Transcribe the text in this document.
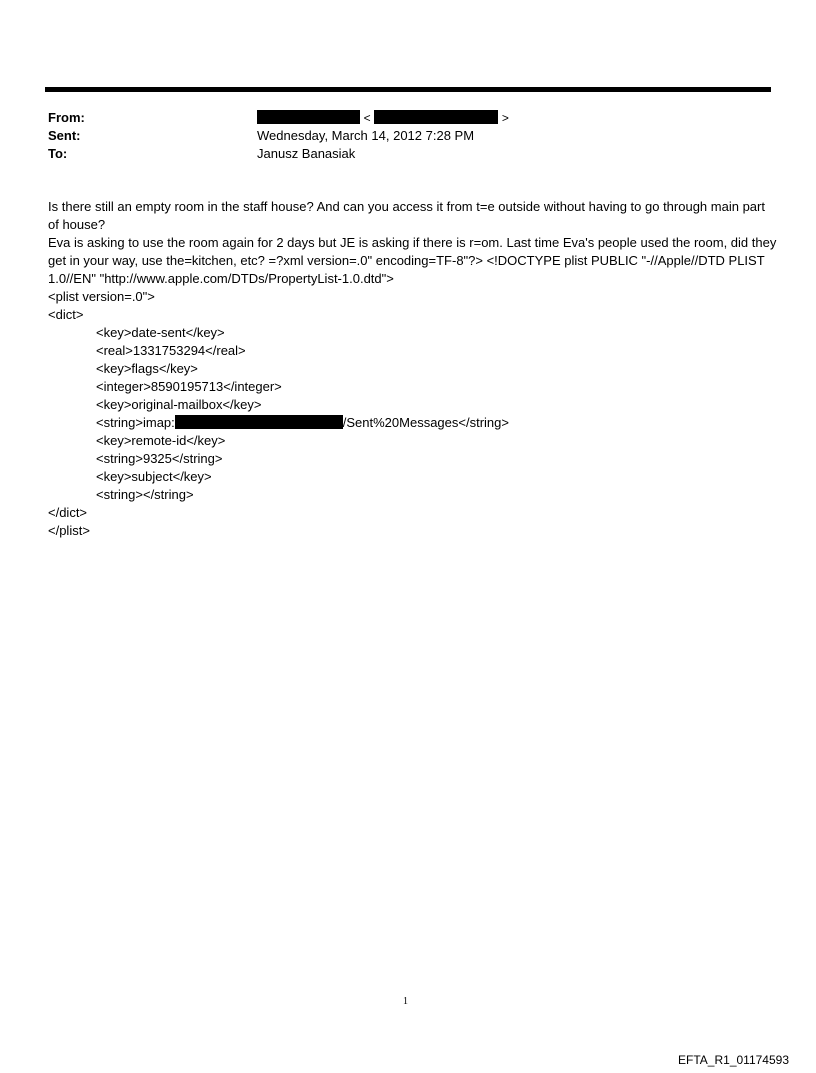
From:
Sent:
To:
<	>
Wednesday, March 14, 2012 7:28 PM
Janusz Banasiak
Is there still an empty room in the staff house? And can you access it from t=e outside without having to go through main part of house?
Eva is asking to use the room again for 2 days but JE is asking if there is r=om. Last time Eva's people used the room, did they get in your way, use the=kitchen, etc? =?xml version=.0" encoding=TF-8"?> <!DOCTYPE plist PUBLIC "-//Apple//DTD PLIST 1.0//EN" "http://www.apple.com/DTDs/PropertyList-1.0.dtd">
<plist version=.0">
<dict>
<key>date-sent</key>
<real>1331753294</real>
<key>flags</key>
<integer>8590195713</integer>
<key>original-mailbox</key>
<string>imap:	/Sent%20Messages</string>
<key>remote-id</key>
<string>9325</string>
<key>subject</key>
<string></string>
</dict>
</plist>
1
EFTA_R1_01174593
